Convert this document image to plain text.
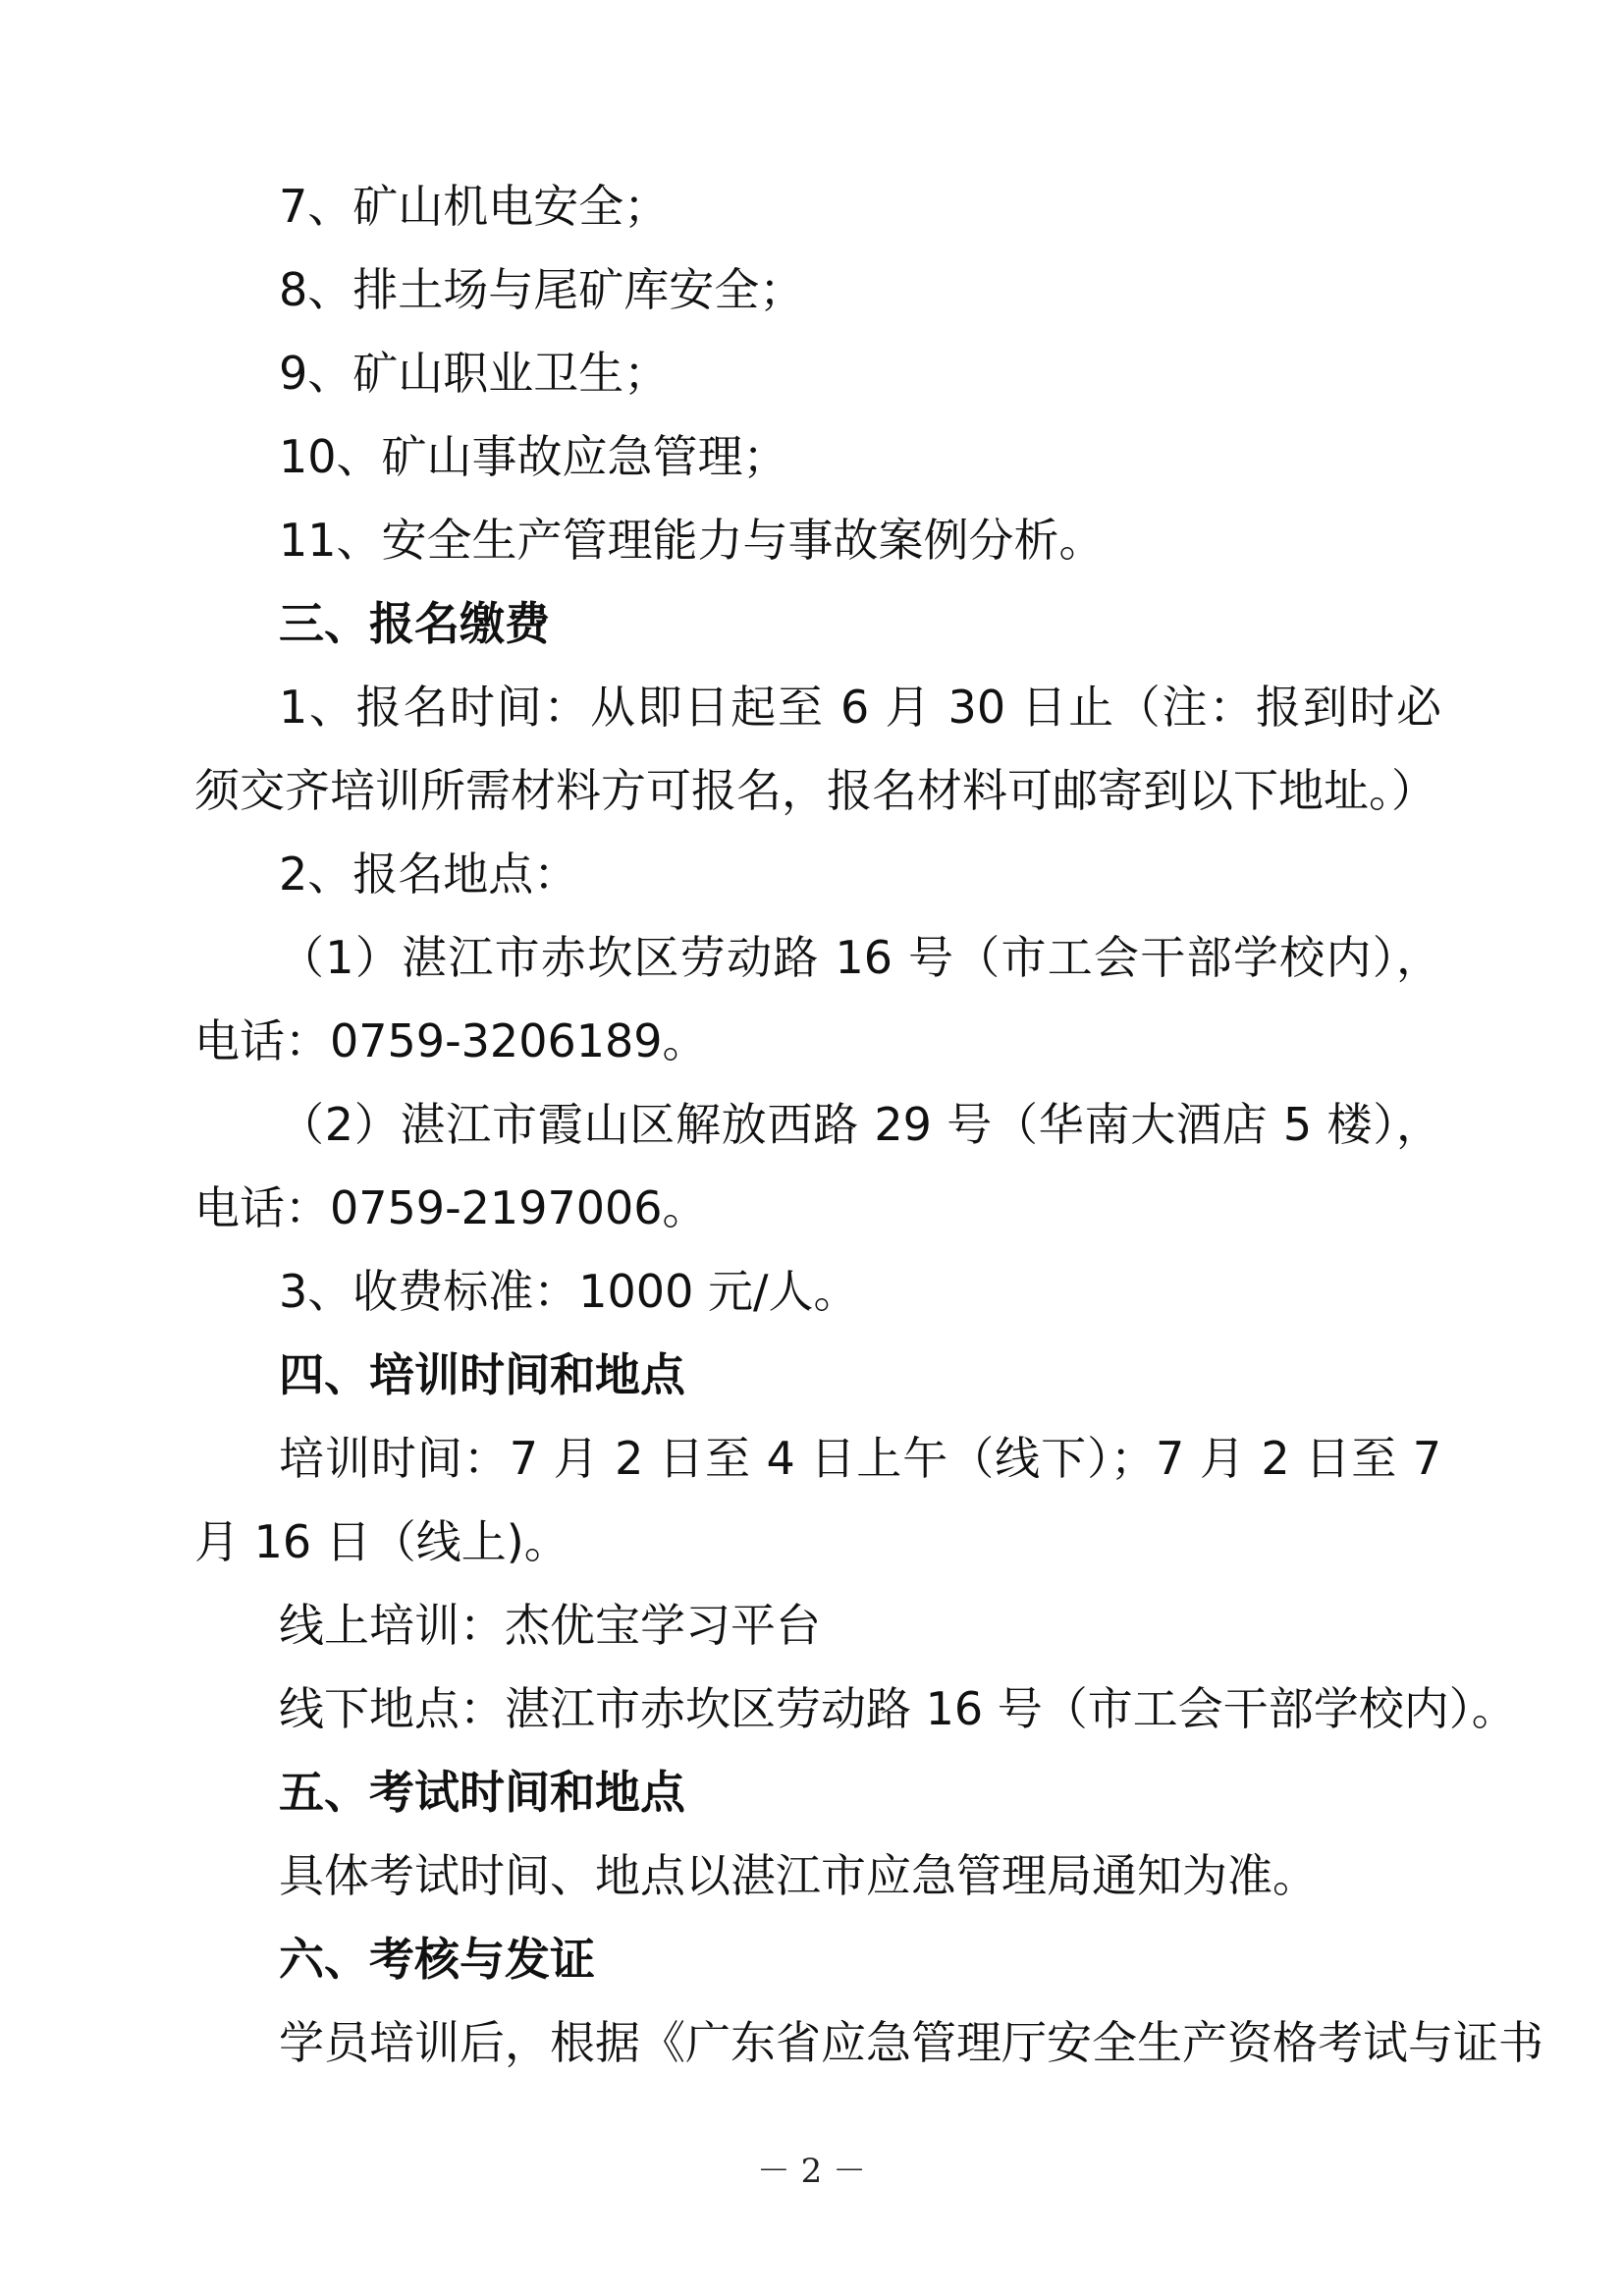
7、矿山机电安全；

8、排土场与尾矿库安全；

9、矿山职业卫生；

10、矿山事故应急管理；

11、安全生产管理能力与事故案例分析。

三、报名缴费

1、报名时间：从即日起至 6 月 30 日止（注：报到时必须交齐培训所需材料方可报名，报名材料可邮寄到以下地址。）

2、报名地点：

（1）湛江市赤坎区劳动路 16 号（市工会干部学校内），电话：0759-3206189。

（2）湛江市霞山区解放西路 29 号（华南大酒店 5 楼），电话：0759-2197006。

3、收费标准：1000 元/人。

四、培训时间和地点

培训时间：7 月 2 日至 4 日上午（线下）；7 月 2 日至 7 月 16 日（线上)。

线上培训：杰优宝学习平台

线下地点：湛江市赤坎区劳动路 16 号（市工会干部学校内）。

五、考试时间和地点

具体考试时间、地点以湛江市应急管理局通知为准。

六、考核与发证

学员培训后，根据《广东省应急管理厅安全生产资格考试与证书

－ 2 －
